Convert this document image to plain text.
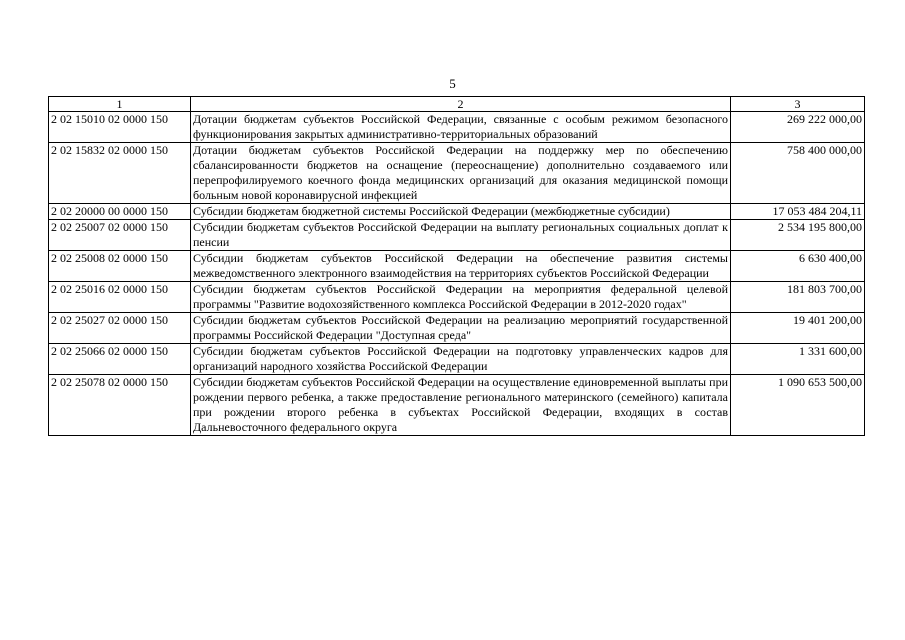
5
1	2	3
2 02 15010 02 0000 150	Дотации бюджетам субъектов Российской Федерации, связанные с особым режимом безопасного функционирования закрытых административно-территориальных образований	269 222 000,00
2 02 15832 02 0000 150	Дотации бюджетам субъектов Российской Федерации на поддержку мер по обеспечению сбалансированности бюджетов на оснащение (переоснащение) дополнительно создаваемого или перепрофилируемого коечного фонда медицинских организаций для оказания медицинской помощи больным новой коронавирусной инфекцией	758 400 000,00
2 02 20000 00 0000 150	Субсидии бюджетам бюджетной системы Российской Федерации (межбюджетные субсидии)	17 053 484 204,11
2 02 25007 02 0000 150	Субсидии бюджетам субъектов Российской Федерации на выплату региональных социальных доплат к пенсии	2 534 195 800,00
2 02 25008 02 0000 150	Субсидии бюджетам субъектов Российской Федерации на обеспечение развития системы межведомственного электронного взаимодействия на территориях субъектов Российской Федерации	6 630 400,00
2 02 25016 02 0000 150	Субсидии бюджетам субъектов Российской Федерации на мероприятия федеральной целевой программы "Развитие водохозяйственного комплекса Российской Федерации в 2012-2020 годах"	181 803 700,00
2 02 25027 02 0000 150	Субсидии бюджетам субъектов Российской Федерации на реализацию мероприятий государственной программы Российской Федерации "Доступная среда"	19 401 200,00
2 02 25066 02 0000 150	Субсидии бюджетам субъектов Российской Федерации на подготовку управленческих кадров для организаций народного хозяйства Российской Федерации	1 331 600,00
2 02 25078 02 0000 150	Субсидии бюджетам субъектов Российской Федерации на осуществление единовременной выплаты при рождении первого ребенка, а также предоставление регионального материнского (семейного) капитала при рождении второго ребенка в субъектах Российской Федерации, входящих в состав Дальневосточного федерального округа	1 090 653 500,00
